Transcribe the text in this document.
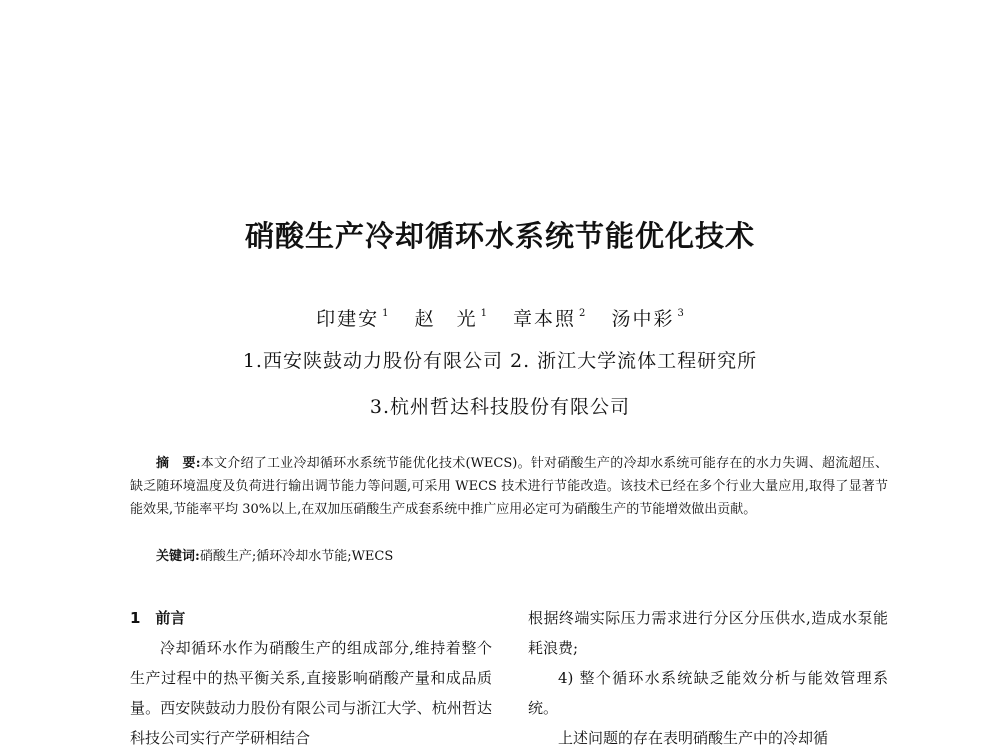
硝酸生产冷却循环水系统节能优化技术
印建安 $^1$ 赵　光 $^1$ 章本照 $^2$ 汤中彩 $^3$
1.西安陕鼓动力股份有限公司 2. 浙江大学流体工程研究所
3.杭州哲达科技股份有限公司

摘　要:本文介绍了工业冷却循环水系统节能优化技术(WECS)。针对硝酸生产的冷却水系统可能存在的水力失调、超流超压、缺乏随环境温度及负荷进行输出调节能力等问题,可采用 WECS 技术进行节能改造。该技术已经在多个行业大量应用,取得了显著节能效果,节能率平均 30%以上,在双加压硝酸生产成套系统中推广应用必定可为硝酸生产的节能增效做出贡献。

关键词:硝酸生产;循环冷却水节能;WECS

1　前言

冷却循环水作为硝酸生产的组成部分,维持着整个生产过程中的热平衡关系,直接影响硝酸产量和成品质量。西安陕鼓动力股份有限公司与浙江大学、杭州哲达科技公司实行产学研相结合

根据终端实际压力需求进行分区分压供水,造成水泵能耗浪费;

4) 整个循环水系统缺乏能效分析与能效管理系统。

上述问题的存在表明硝酸生产中的冷却循
